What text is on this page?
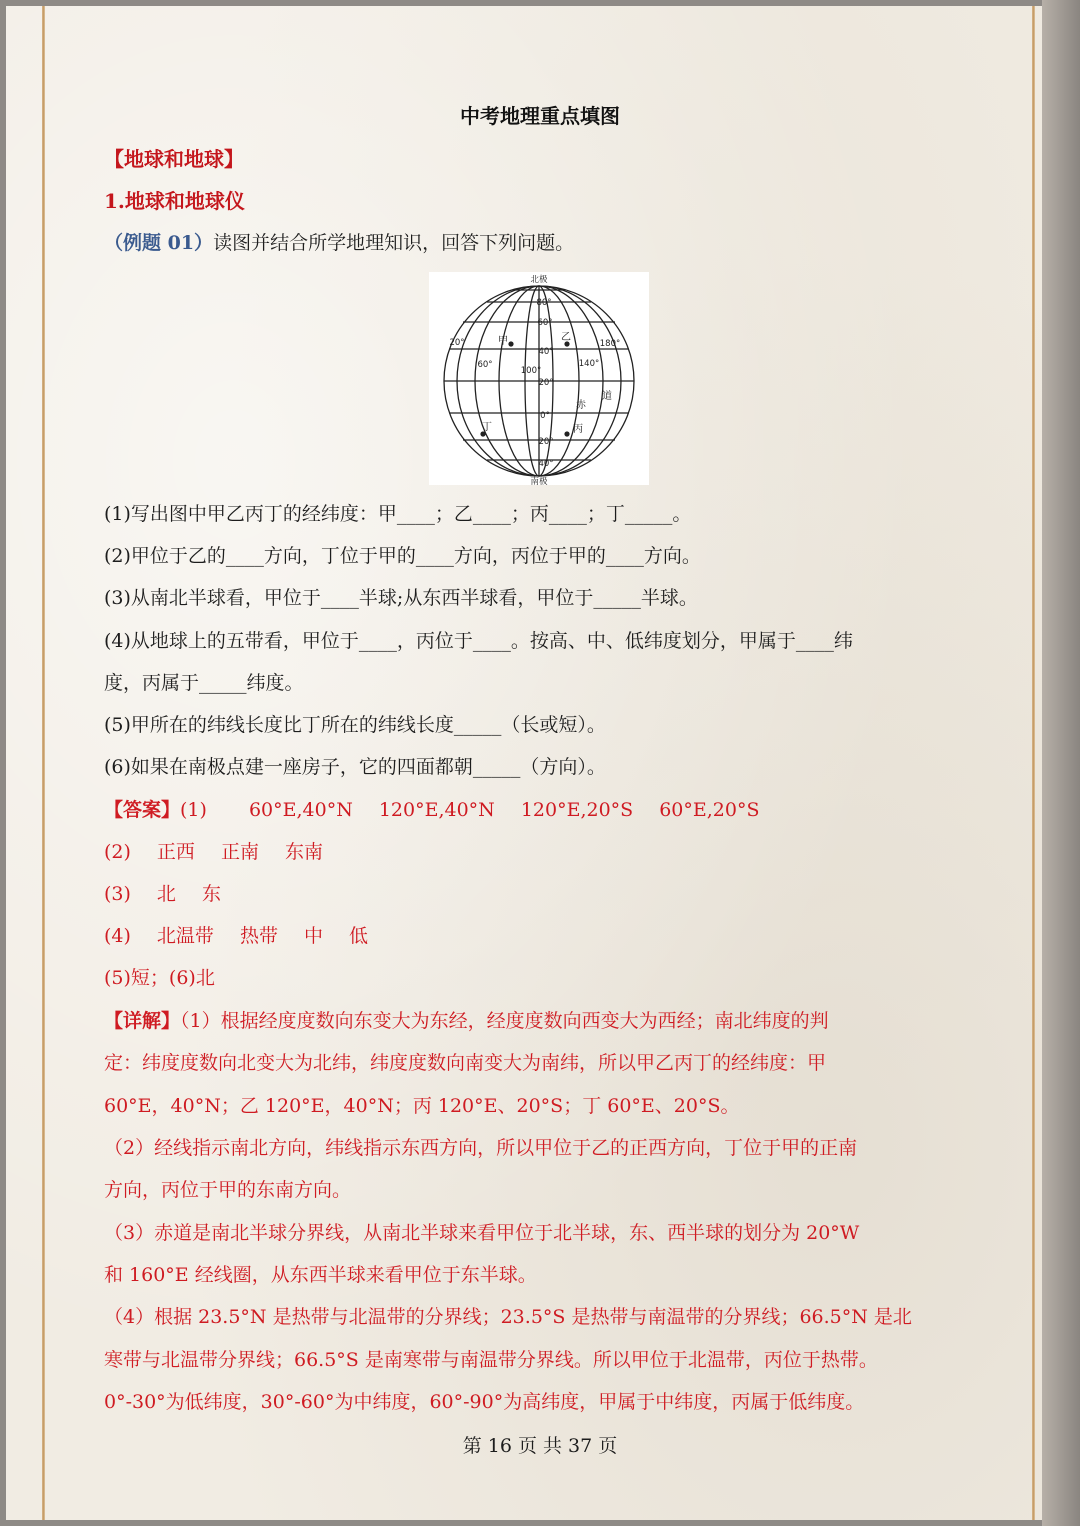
中考地理重点填图
【地球和地球】
1.地球和地球仪
（例题 01）读图并结合所学地理知识，回答下列问题。
北极
南极
80°
60°
40°
20°
0°
20°
40°
20°
60°
100°
140°
180°
甲	乙
丙
丁
赤
道

(1)写出图中甲乙丙丁的经纬度：甲____；乙____；丙____；丁_____。

(2)甲位于乙的____方向，丁位于甲的____方向，丙位于甲的____方向。

(3)从南北半球看，甲位于____半球;从东西半球看，甲位于_____半球。

(4)从地球上的五带看，甲位于____，丙位于____。按高、中、低纬度划分，甲属于____纬

度，丙属于_____纬度。

(5)甲所在的纬线长度比丁所在的纬线长度_____（长或短）。

(6)如果在南极点建一座房子，它的四面都朝_____（方向）。

【答案】(1) 60°E,40°N 120°E,40°N 120°E,20°S 60°E,20°S
(2) 正西 正南 东南
(3) 北 东
(4) 北温带 热带 中 低
(5)短；(6)北
【详解】（1）根据经度度数向东变大为东经，经度度数向西变大为西经；南北纬度的判

定：纬度度数向北变大为北纬，纬度度数向南变大为南纬，所以甲乙丙丁的经纬度：甲

60°E，40°N；乙 120°E，40°N；丙 120°E、20°S；丁 60°E、20°S。

（2）经线指示南北方向，纬线指示东西方向，所以甲位于乙的正西方向，丁位于甲的正南

方向，丙位于甲的东南方向。

（3）赤道是南北半球分界线，从南北半球来看甲位于北半球，东、西半球的划分为 20°W

和 160°E 经线圈，从东西半球来看甲位于东半球。

（4）根据 23.5°N 是热带与北温带的分界线；23.5°S 是热带与南温带的分界线；66.5°N 是北

寒带与北温带分界线；66.5°S 是南寒带与南温带分界线。所以甲位于北温带，丙位于热带。

0°-30°为低纬度，30°-60°为中纬度，60°-90°为高纬度，甲属于中纬度，丙属于低纬度。

第 16 页 共 37 页
